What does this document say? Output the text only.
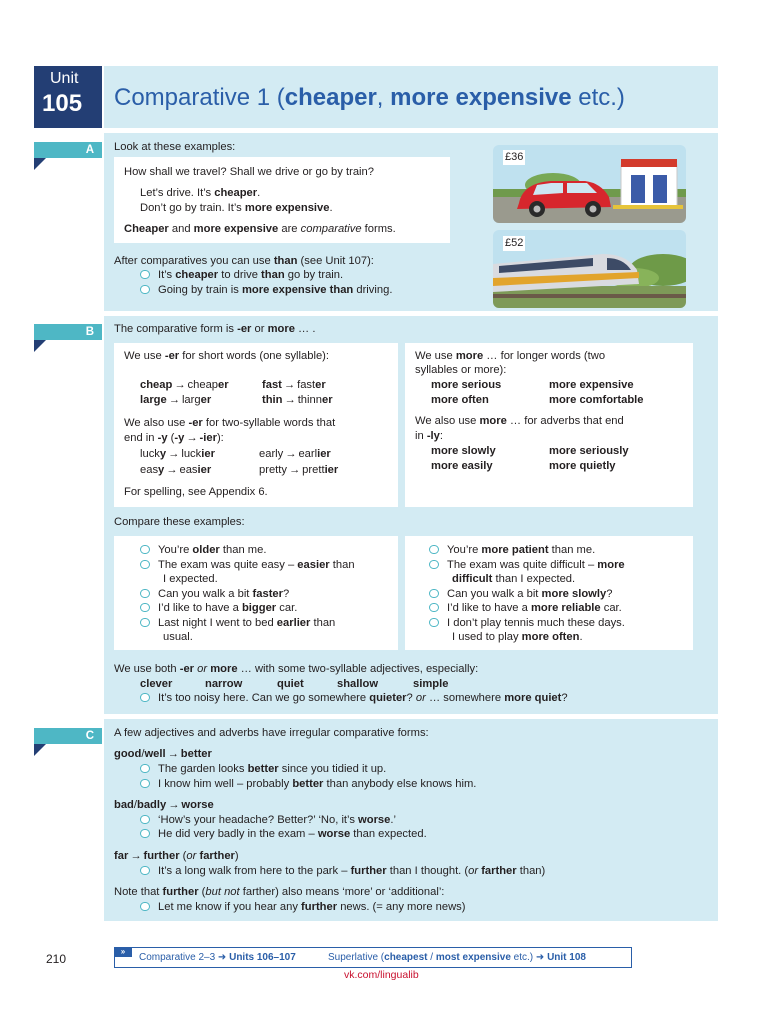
Unit
105 Comparative 1 (cheaper, more expensive etc.)
A	Look at these examples:
How shall we travel? Shall we drive or go by train?
Let’s drive. It’s cheaper.
Don’t go by train. It’s more expensive.
Cheaper and more expensive are comparative forms.
After comparatives you can use than (see Unit 107):
It’s cheaper to drive than go by train.
Going by train is more expensive than driving.
£36
£52
B	The comparative form is -er or more … .
We use -er for short words (one syllable):
cheap → cheaper	fast → faster
large → larger	thin → thinner
We also use -er for two-syllable words that
end in -y (-y → -ier):
lucky → luckier	early → earlier
easy → easier	pretty → prettier
For spelling, see Appendix 6.
We use more … for longer words (two
syllables or more):
more serious	more expensive
more often	more comfortable
We also use more … for adverbs that end
in -ly:
more slowly	more seriously
more easily	more quietly
Compare these examples:
You’re older than me.
The exam was quite easy – easier than
I expected.
Can you walk a bit faster?
I’d like to have a bigger car.
Last night I went to bed earlier than
usual.
You’re more patient than me.
The exam was quite difficult – more
difficult than I expected.
Can you walk a bit more slowly?
I’d like to have a more reliable car.
I don’t play tennis much these days.
I used to play more often.
We use both -er or more … with some two-syllable adjectives, especially:
clever	narrow	quiet	shallow	simple
It’s too noisy here. Can we go somewhere quieter? or … somewhere more quiet?
C	A few adjectives and adverbs have irregular comparative forms:
good/well → better
The garden looks better since you tidied it up.
I know him well – probably better than anybody else knows him.
bad/badly → worse
‘How’s your headache? Better?’ ‘No, it’s worse.’
He did very badly in the exam – worse than expected.
far → further (or farther)
It’s a long walk from here to the park – further than I thought. (or farther than)
Note that further (but not farther) also means ‘more’ or ‘additional’:
Let me know if you hear any further news. (= any more news)
210
»
Comparative 2–3 ➜ Units 106–107	Superlative (cheapest / most expensive etc.) ➜ Unit 108
vk.com/lingualib
